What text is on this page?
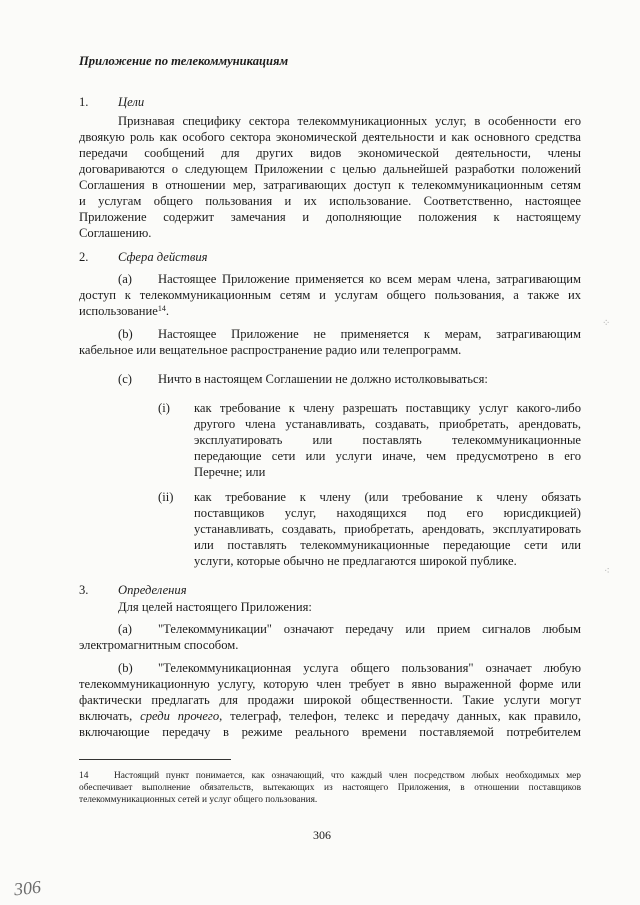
Приложение по телекоммуникациям
1. Цели
Признавая специфику сектора телекоммуникационных услуг, в особенности его
двоякую роль как особого сектора экономической деятельности и как основного средства
передачи сообщений для других видов экономической деятельности, члены
договариваются о следующем Приложении с целью дальнейшей разработки положений
Соглашения в отношении мер, затрагивающих доступ к телекоммуникационным сетям
и услугам общего пользования и их использование. Соответственно, настоящее
Приложение содержит замечания и дополняющие положения к настоящему
Соглашению.
2. Сфера действия
(a) Настоящее Приложение применяется ко всем мерам члена, затрагивающим
доступ к телекоммуникационным сетям и услугам общего пользования, а также их
использование$^{14}$.
(b) Настоящее Приложение не применяется к мерам, затрагивающим
кабельное или вещательное распространение радио или телепрограмм.
(c) Ничто в настоящем Соглашении не должно истолковываться:
(i) как требование к члену разрешать поставщику услуг какого-либо
другого члена устанавливать, создавать, приобретать, арендовать,
эксплуатировать или поставлять телекоммуникационные
передающие сети или услуги иначе, чем предусмотрено в его
Перечне; или
(ii) как требование к члену (или требование к члену обязать
поставщиков услуг, находящихся под его юрисдикцией)
устанавливать, создавать, приобретать, арендовать, эксплуатировать
или поставлять телекоммуникационные передающие сети или
услуги, которые обычно не предлагаются широкой публике.
3. Определения
Для целей настоящего Приложения:
(a) "Телекоммуникации" означают передачу или прием сигналов любым
электромагнитным способом.
(b) "Телекоммуникационная услуга общего пользования" означает любую
телекоммуникационную услугу, которую член требует в явно выраженной форме или
фактически предлагать для продажи широкой общественности. Такие услуги могут
включать, среди прочего, телеграф, телефон, телекс и передачу данных, как правило,
включающие передачу в режиме реального времени поставляемой потребителем
14	Настоящий пункт понимается, как означающий, что каждый член посредством любых необходимых мер
обеспечивает выполнение обязательств, вытекающих из настоящего Приложения, в отношении поставщиков
телекоммуникационных сетей и услуг общего пользования.
306
306
⁘
⁖
